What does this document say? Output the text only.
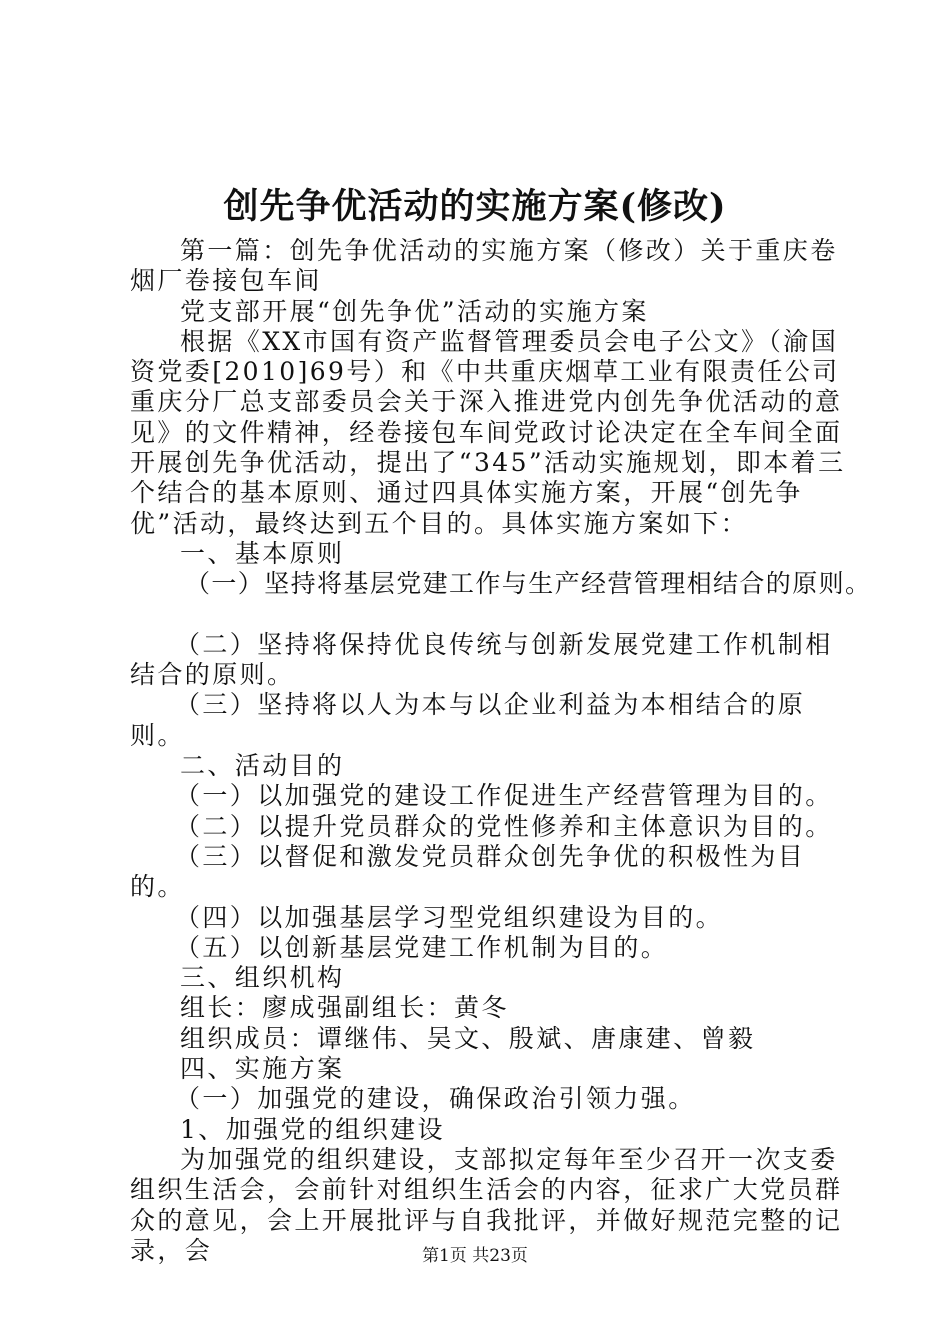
创先争优活动的实施方案(修改)

第一篇：创先争优活动的实施方案（修改）关于重庆卷烟厂卷接包车间

党支部开展“创先争优”活动的实施方案

根据《XX市国有资产监督管理委员会电子公文》（渝国资党委[2010]69号）和《中共重庆烟草工业有限责任公司重庆分厂总支部委员会关于深入推进党内创先争优活动的意见》的文件精神，经卷接包车间党政讨论决定在全车间全面开展创先争优活动，提出了“345”活动实施规划，即本着三个结合的基本原则、通过四具体实施方案，开展“创先争优”活动，最终达到五个目的。具体实施方案如下：

一、基本原则

（一）坚持将基层党建工作与生产经营管理相结合的原则。

（二）坚持将保持优良传统与创新发展党建工作机制相结合的原则。

（三）坚持将以人为本与以企业利益为本相结合的原则。

二、活动目的

（一）以加强党的建设工作促进生产经营管理为目的。

（二）以提升党员群众的党性修养和主体意识为目的。

（三）以督促和激发党员群众创先争优的积极性为目的。

（四）以加强基层学习型党组织建设为目的。

（五）以创新基层党建工作机制为目的。

三、组织机构

组长：廖成强副组长：黄冬

组织成员：谭继伟、吴文、殷斌、唐康建、曾毅

四、实施方案

（一）加强党的建设，确保政治引领力强。

1、加强党的组织建设

为加强党的组织建设，支部拟定每年至少召开一次支委组织生活会，会前针对组织生活会的内容，征求广大党员群众的意见，会上开展批评与自我批评，并做好规范完整的记录，会	第1页 共23页
